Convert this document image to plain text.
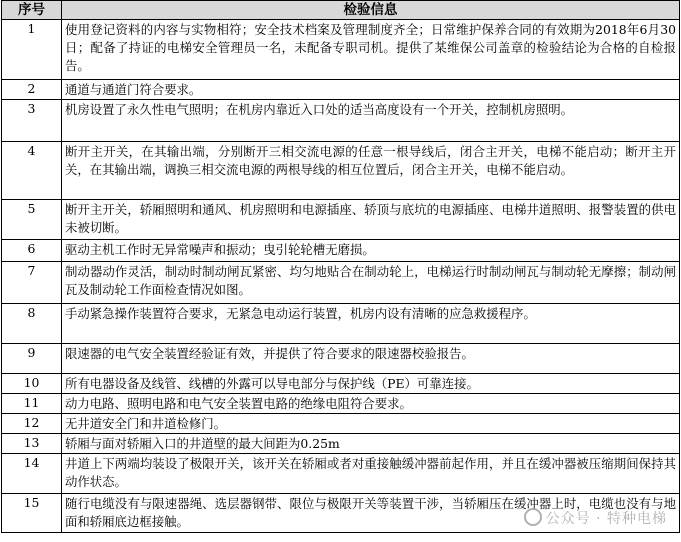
序号	检验信息
1	使用登记资料的内容与实物相符；安全技术档案及管理制度齐全；日常维护保养合同的有效期为2018年6月30日；配备了持证的电梯安全管理员一名，未配备专职司机。提供了某维保公司盖章的检验结论为合格的自检报告。
2	通道与通道门符合要求。
3	机房设置了永久性电气照明；在机房内靠近入口处的适当高度设有一个开关，控制机房照明。
4	断开主开关，在其输出端，分别断开三相交流电源的任意一根导线后，闭合主开关，电梯不能启动；断开主开关，在其输出端，调换三相交流电源的两根导线的相互位置后，闭合主开关，电梯不能启动。
5	断开主开关，轿厢照明和通风、机房照明和电源插座、轿顶与底坑的电源插座、电梯井道照明、报警装置的供电未被切断。
6	驱动主机工作时无异常噪声和振动；曳引轮轮槽无磨损。
7	制动器动作灵活，制动时制动闸瓦紧密、均匀地贴合在制动轮上，电梯运行时制动闸瓦与制动轮无摩擦；制动闸瓦及制动轮工作面检查情况如图。
8	手动紧急操作装置符合要求，无紧急电动运行装置，机房内设有清晰的应急救援程序。
9	限速器的电气安全装置经验证有效，并提供了符合要求的限速器校验报告。
10	所有电器设备及线管、线槽的外露可以导电部分与保护线（PE）可靠连接。
11	动力电路、照明电路和电气安全装置电路的绝缘电阻符合要求。
12	无井道安全门和井道检修门。
13	轿厢与面对轿厢入口的井道壁的最大间距为0.25m
14	井道上下两端均装设了极限开关，该开关在轿厢或者对重接触缓冲器前起作用，并且在缓冲器被压缩期间保持其动作状态。
15	随行电缆没有与限速器绳、选层器钢带、限位与极限开关等装置干涉，当轿厢压在缓冲器上时，电缆也没有与地面和轿厢底边框接触。	公众号 · 特种电梯
